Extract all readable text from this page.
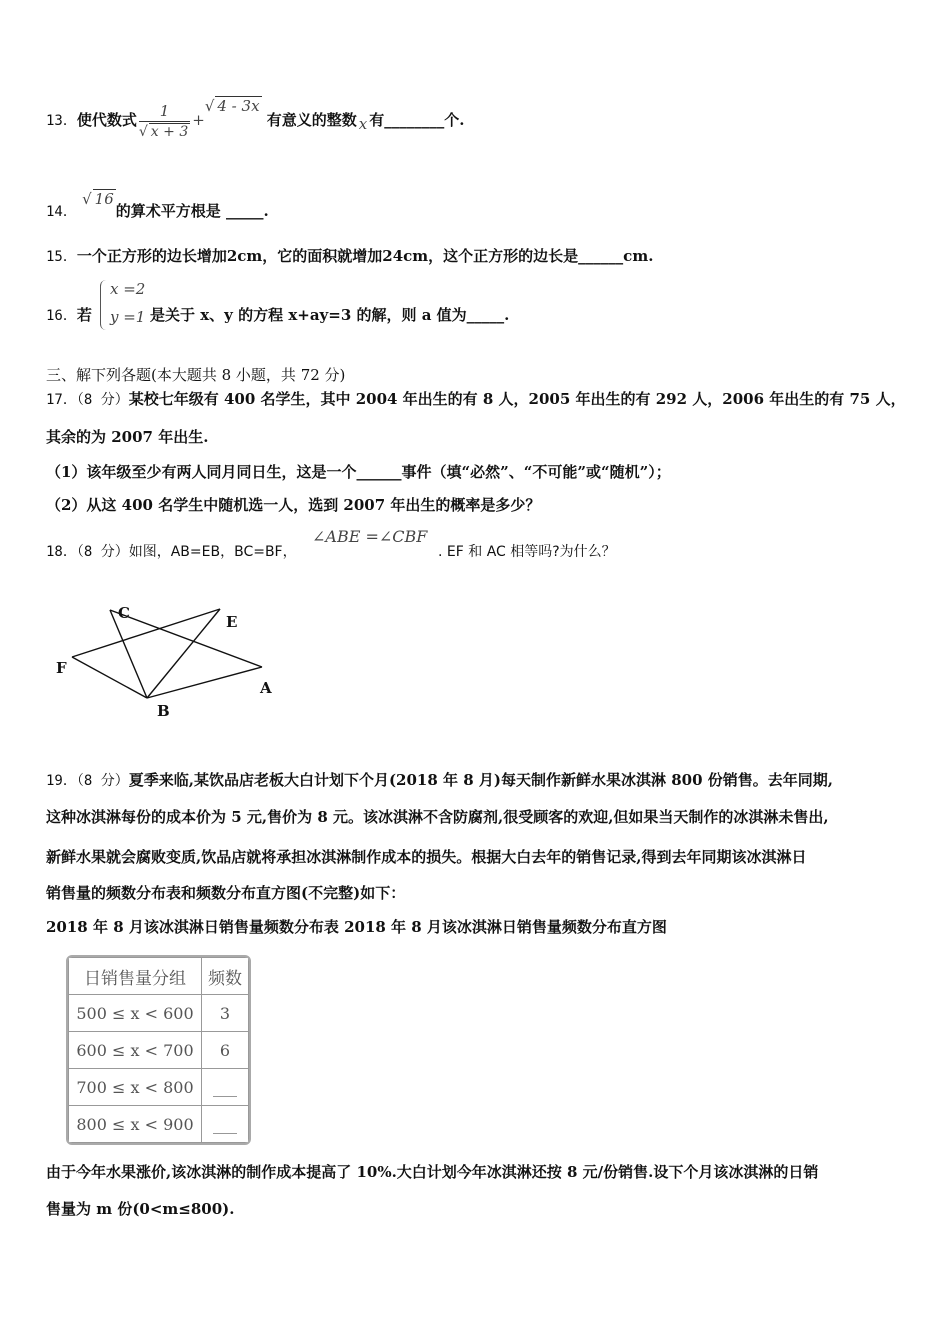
13．使代数式 $\frac{1}{√ x + 3}$ +√ 4 - 3x 有意义的整数 x 有________个.
14． √ 16的算术平方根是 _____.
15．一个正方形的边长增加2cm，它的面积就增加24cm，这个正方形的边长是______cm.
16．若
x =2
y =1 是关于 x、y 的方程 x+ay=3 的解，则 a 值为_____.
三、解下列各题(本大题共 8 小题，共 72 分)
17．（8 分）某校七年级有 400 名学生，其中 2004 年出生的有 8 人，2005 年出生的有 292 人，2006 年出生的有 75 人，
其余的为 2007 年出生.
（1）该年级至少有两人同月同日生，这是一个______事件（填“必然”、“不可能”或“随机”）；
（2）从这 400 名学生中随机选一人，选到 2007 年出生的概率是多少？
18．（8 分）如图，AB=EB，BC=BF，
∠ABE =∠CBF
. EF 和 AC 相等吗?为什么？
C	E
F
A
B
19．（8 分）夏季来临,某饮品店老板大白计划下个月(2018 年 8 月)每天制作新鲜水果冰淇淋 800 份销售。去年同期,
这种冰淇淋每份的成本价为 5 元,售价为 8 元。该冰淇淋不含防腐剂,很受顾客的欢迎,但如果当天制作的冰淇淋未售出,
新鲜水果就会腐败变质,饮品店就将承担冰淇淋制作成本的损失。根据大白去年的销售记录,得到去年同期该冰淇淋日
销售量的频数分布表和频数分布直方图(不完整)如下：
2018 年 8 月该冰淇淋日销售量频数分布表 2018 年 8 月该冰淇淋日销售量频数分布直方图
日销售量分组	频数
500 ≤ x < 600	3
600 ≤ x < 700	6
700 ≤ x < 800	___
800 ≤ x < 900	___
由于今年水果涨价,该冰淇淋的制作成本提高了 10%.大白计划今年冰淇淋还按 8 元/份销售.设下个月该冰淇淋的日销
售量为 m 份(0<m≤800).
